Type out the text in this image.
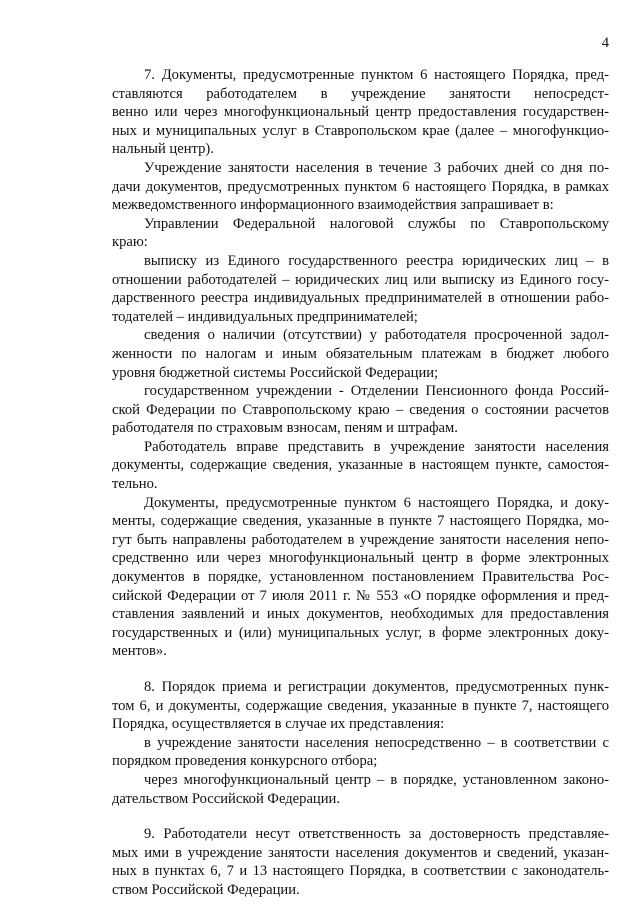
4
7. Документы, предусмотренные пунктом 6 настоящего Порядка, пред-
ставляются работодателем в учреждение занятости непосредст-
венно или через многофункциональный центр предоставления государствен-
ных и муниципальных услуг в Ставропольском крае (далее – многофункцио-
нальный центр).
Учреждение занятости населения в течение 3 рабочих дней со дня по-
дачи документов, предусмотренных пунктом 6 настоящего Порядка, в рамках
межведомственного информационного взаимодействия запрашивает в:
Управлении Федеральной налоговой службы по Ставропольскому
краю:
выписку из Единого государственного реестра юридических лиц – в
отношении работодателей – юридических лиц или выписку из Единого госу-
дарственного реестра индивидуальных предпринимателей в отношении рабо-
тодателей – индивидуальных предпринимателей;
сведения о наличии (отсутствии) у работодателя просроченной задол-
женности по налогам и иным обязательным платежам в бюджет любого
уровня бюджетной системы Российской Федерации;
государственном учреждении - Отделении Пенсионного фонда Россий-
ской Федерации по Ставропольскому краю – сведения о состоянии расчетов
работодателя по страховым взносам, пеням и штрафам.
Работодатель вправе представить в учреждение занятости населения
документы, содержащие сведения, указанные в настоящем пункте, самостоя-
тельно.
Документы, предусмотренные пунктом 6 настоящего Порядка, и доку-
менты, содержащие сведения, указанные в пункте 7 настоящего Порядка, мо-
гут быть направлены работодателем в учреждение занятости населения непо-
средственно или через многофункциональный центр в форме электронных
документов в порядке, установленном постановлением Правительства Рос-
сийской Федерации от 7 июля 2011 г. № 553 «О порядке оформления и пред-
ставления заявлений и иных документов, необходимых для предоставления
государственных и (или) муниципальных услуг, в форме электронных доку-
ментов».
8. Порядок приема и регистрации документов, предусмотренных пунк-
том 6, и документы, содержащие сведения, указанные в пункте 7, настоящего
Порядка, осуществляется в случае их представления:
в учреждение занятости населения непосредственно – в соответствии с
порядком проведения конкурсного отбора;
через многофункциональный центр – в порядке, установленном законо-
дательством Российской Федерации.
9. Работодатели несут ответственность за достоверность представляе-
мых ими в учреждение занятости населения документов и сведений, указан-
ных в пунктах 6, 7 и 13 настоящего Порядка, в соответствии с законодатель-
ством Российской Федерации.
